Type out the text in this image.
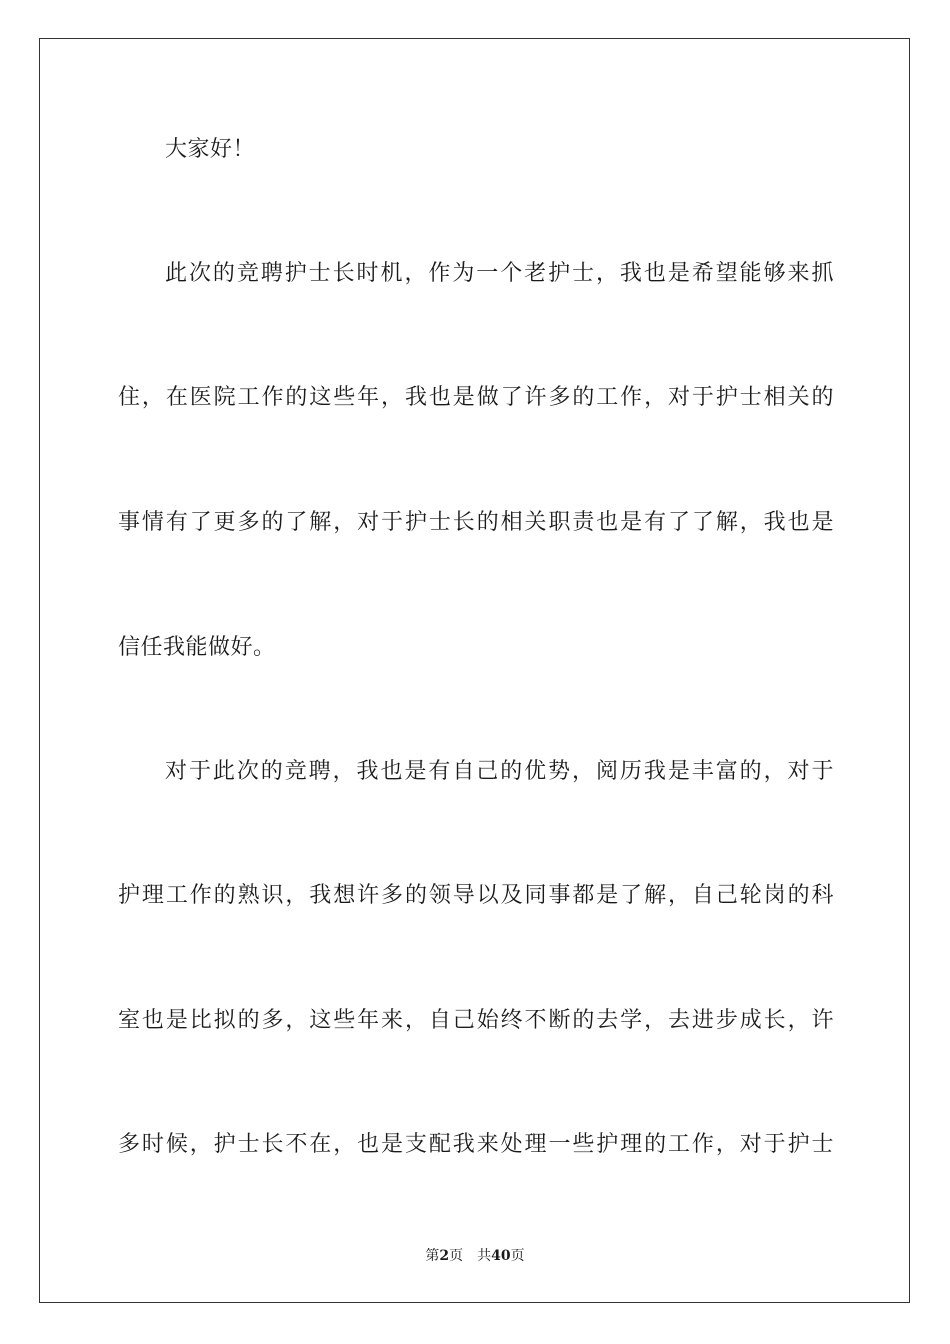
大家好！
此次的竞聘护士长时机，作为一个老护士，我也是希望能够来抓
住，在医院工作的这些年，我也是做了许多的工作，对于护士相关的
事情有了更多的了解，对于护士长的相关职责也是有了了解，我也是
信任我能做好。
对于此次的竞聘，我也是有自己的优势，阅历我是丰富的，对于
护理工作的熟识，我想许多的领导以及同事都是了解，自己轮岗的科
室也是比拟的多，这些年来，自己始终不断的去学，去进步成长，许
多时候，护士长不在，也是支配我来处理一些护理的工作，对于护士
第2页 共40页
